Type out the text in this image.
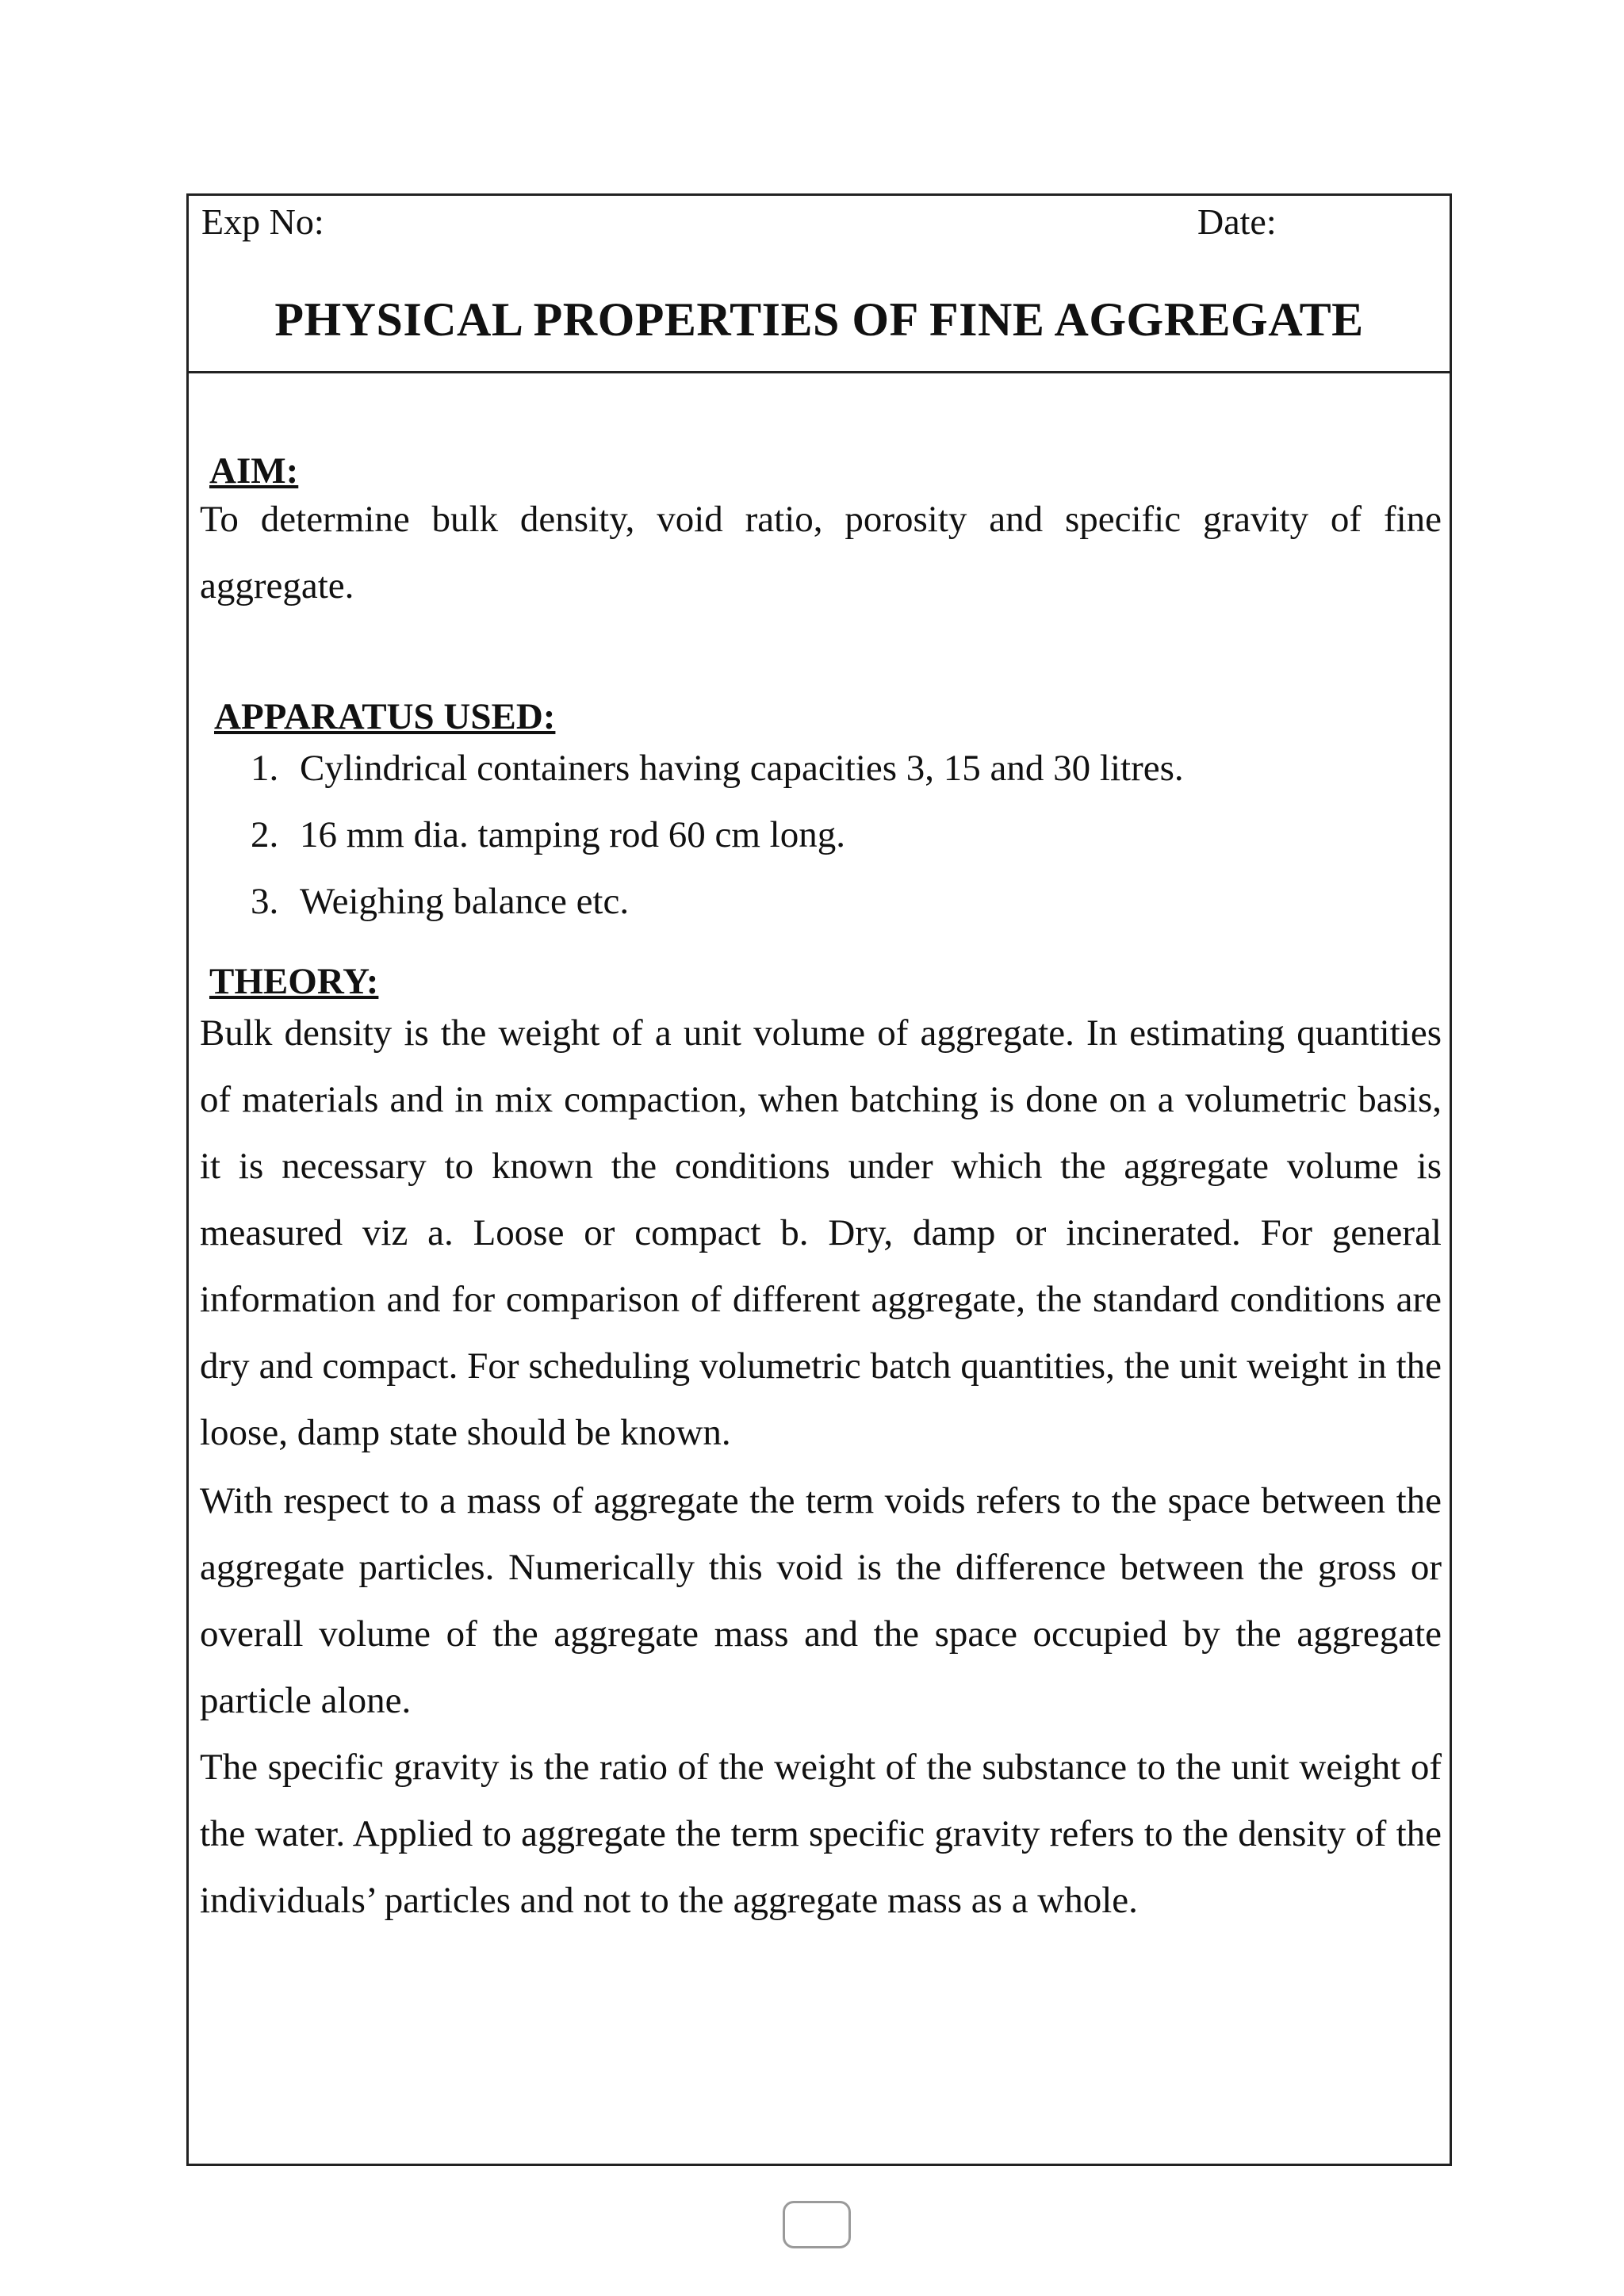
Exp No:	Date:
PHYSICAL PROPERTIES OF FINE AGGREGATE
AIM:
To determine bulk density, void ratio, porosity and specific gravity of fine aggregate.
APPARATUS USED:
1. Cylindrical containers having capacities 3, 15 and 30 litres.
2. 16 mm dia. tamping rod 60 cm long.
3. Weighing balance etc.
THEORY:
Bulk density is the weight of a unit volume of aggregate. In estimating quantities of materials and in mix compaction, when batching is done on a volumetric basis, it is necessary to known the conditions under which the aggregate volume is measured viz a. Loose or compact b. Dry, damp or incinerated. For general information and for comparison of different aggregate, the standard conditions are dry and compact. For scheduling volumetric batch quantities, the unit weight in the loose, damp state should be known.
With respect to a mass of aggregate the term voids refers to the space between the aggregate particles. Numerically this void is the difference between the gross or overall volume of the aggregate mass and the space occupied by the aggregate particle alone.
The specific gravity is the ratio of the weight of the substance to the unit weight of the water. Applied to aggregate the term specific gravity refers to the density of the individuals’ particles and not to the aggregate mass as a whole.
